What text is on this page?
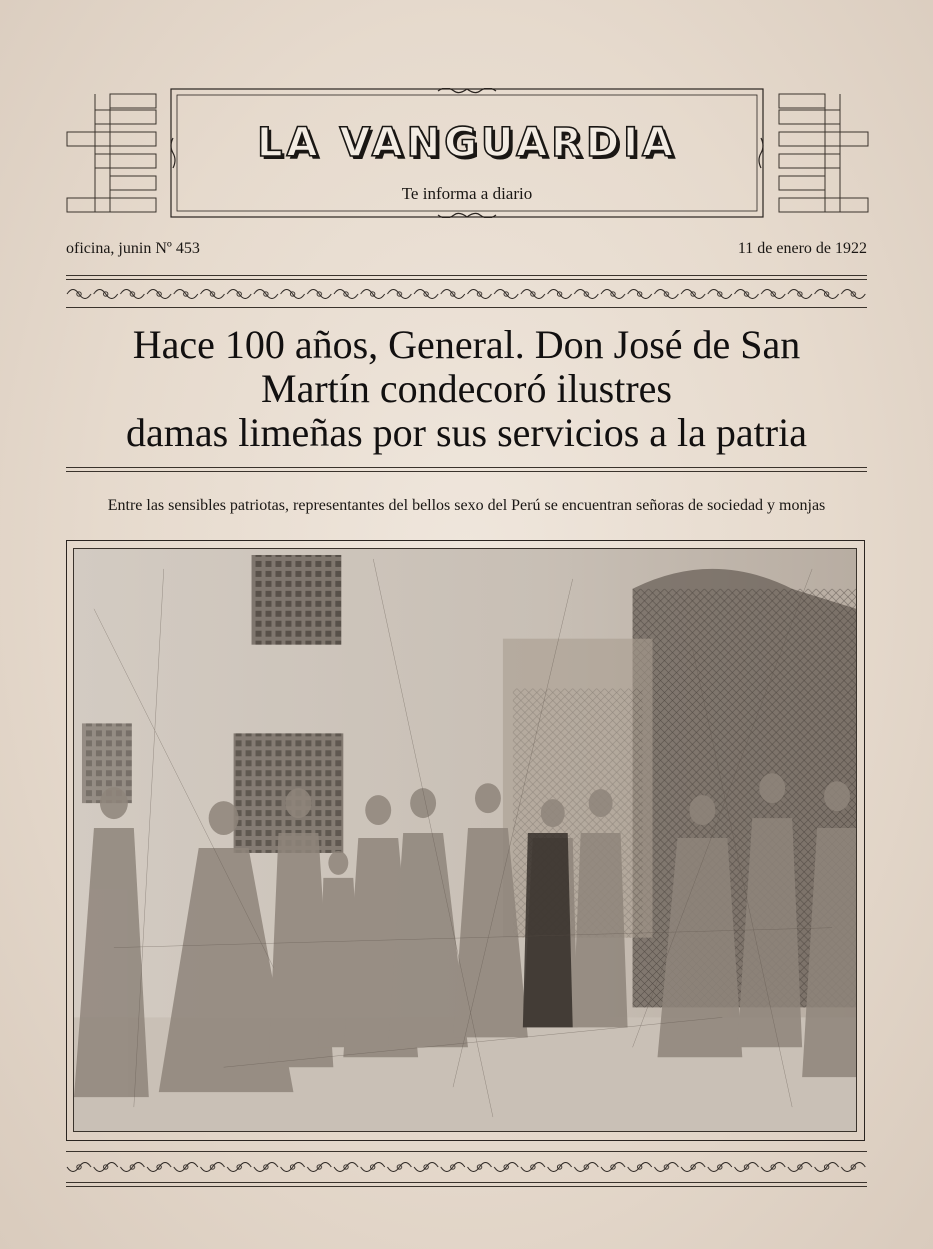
LA VANGUARDIA
Te informa a diario
oficina, junin Nº 453	11 de enero de 1922
Hace 100 años, General. Don José de San
Martín condecoró ilustres
damas limeñas por sus servicios a la patria
Entre las sensibles patriotas, representantes del bellos sexo del Perú se encuentran señoras de sociedad y monjas
